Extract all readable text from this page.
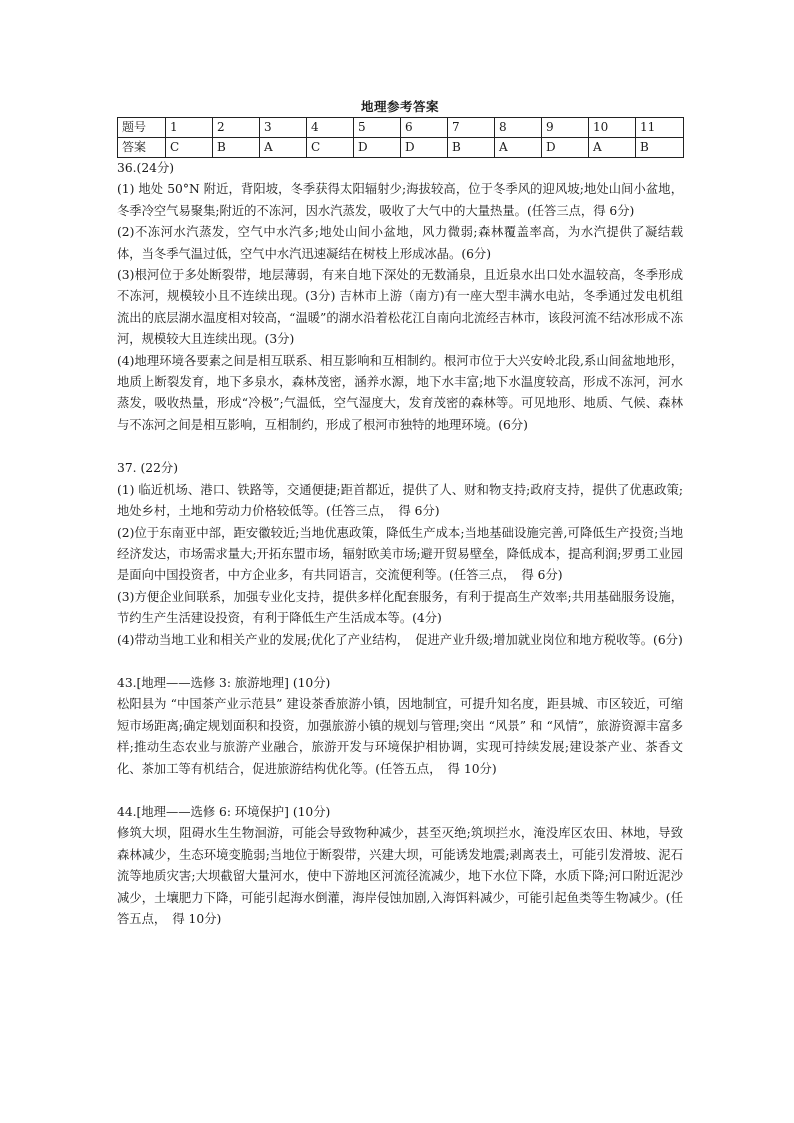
地理参考答案
题号	1	2	3	4	5	6	7	8	9	10	11
答案	C	B	A	C	D	D	B	A	D	A	B

36.(24分)

(1) 地处 50°N 附近，背阳坡，冬季获得太阳辐射少;海拔较高，位于冬季风的迎风坡;地处山间小盆地，冬季冷空气易聚集;附近的不冻河，因水汽蒸发，吸收了大气中的大量热量。(任答三点，得 6分)

(2)不冻河水汽蒸发，空气中水汽多;地处山间小盆地，风力微弱;森林覆盖率高，为水汽提供了凝结载体，当冬季气温过低，空气中水汽迅速凝结在树枝上形成冰晶。(6分)

(3)根河位于多处断裂带，地层薄弱，有来自地下深处的无数涌泉，且近泉水出口处水温较高，冬季形成不冻河，规模较小且不连续出现。(3分) 吉林市上游（南方)有一座大型丰满水电站，冬季通过发电机组流出的底层湖水温度相对较高，“温暖”的湖水沿着松花江自南向北流经吉林市，该段河流不结冰形成不冻河，规模较大且连续出现。(3分)

(4)地理环境各要素之间是相互联系、相互影响和互相制约。根河市位于大兴安岭北段,系山间盆地地形，地质上断裂发育，地下多泉水，森林茂密，涵养水源，地下水丰富;地下水温度较高，形成不冻河，河水蒸发，吸收热量，形成“冷极”;气温低，空气湿度大，发育茂密的森林等。可见地形、地质、气候、森林与不冻河之间是相互影响，互相制约，形成了根河市独特的地理环境。(6分)

37. (22分)

(1) 临近机场、港口、铁路等，交通便捷;距首都近，提供了人、财和物支持;政府支持，提供了优惠政策;地处乡村，土地和劳动力价格较低等。(任答三点，　得 6分)

(2)位于东南亚中部，距安徽较近;当地优惠政策，降低生产成本;当地基础设施完善,可降低生产投资;当地经济发达，市场需求量大;开拓东盟市场，辐射欧美市场;避开贸易壁垒，降低成本，提高利润;罗勇工业园是面向中国投资者，中方企业多，有共同语言，交流便利等。(任答三点，　得 6分)

(3)方便企业间联系，加强专业化支持，提供多样化配套服务，有利于提高生产效率;共用基础服务设施，节约生产生活建设投资，有利于降低生产生活成本等。(4分)

(4)带动当地工业和相关产业的发展;优化了产业结构，　促进产业升级;增加就业岗位和地方税收等。(6分)

43.[地理——选修 3: 旅游地理] (10分)

松阳县为 “中国茶产业示范县” 建设茶香旅游小镇，因地制宜，可提升知名度，距县城、市区较近，可缩短市场距离;确定规划面积和投资，加强旅游小镇的规划与管理;突出 “风景” 和 “风情”，旅游资源丰富多样;推动生态农业与旅游产业融合，旅游开发与环境保护相协调，实现可持续发展;建设茶产业、茶香文化、茶加工等有机结合，促进旅游结构优化等。(任答五点，　得 10分)

44.[地理——选修 6: 环境保护] (10分)

修筑大坝，阻碍水生生物洄游，可能会导致物种减少，甚至灭绝;筑坝拦水，淹没库区农田、林地，导致森林减少，生态环境变脆弱;当地位于断裂带，兴建大坝，可能诱发地震;剥离表土，可能引发滑坡、泥石流等地质灾害;大坝截留大量河水，使中下游地区河流径流减少，地下水位下降，水质下降;河口附近泥沙减少，土壤肥力下降，可能引起海水倒灌，海岸侵蚀加剧,入海饵料减少，可能引起鱼类等生物减少。(任答五点，　得 10分)
